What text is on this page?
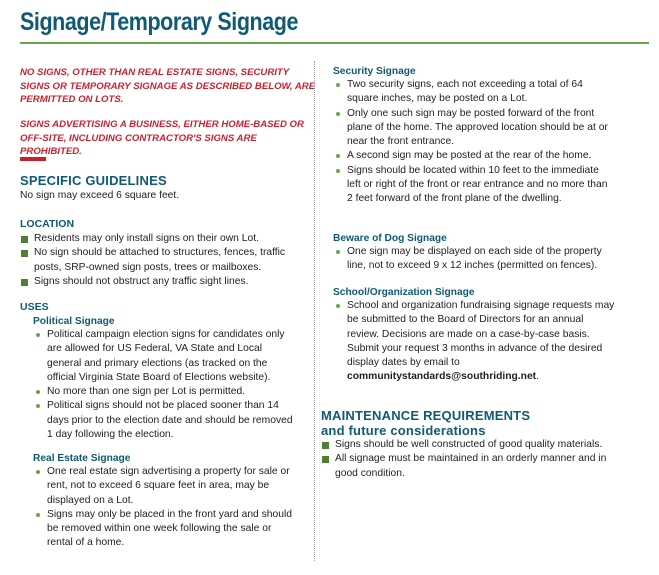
Signage/Temporary Signage
NO SIGNS, OTHER THAN REAL ESTATE SIGNS, SECURITY SIGNS OR TEMPORARY SIGNAGE AS DESCRIBED BELOW, ARE PERMITTED ON LOTS.
SIGNS ADVERTISING A BUSINESS, EITHER HOME-BASED OR OFF-SITE, INCLUDING CONTRACTOR'S SIGNS ARE PROHIBITED.
SPECIFIC GUIDELINES
No sign may exceed 6 square feet.
LOCATION
Residents may only install signs on their own Lot.
No sign should be attached to structures, fences, traffic posts, SRP-owned sign posts, trees or mailboxes.
Signs should not obstruct any traffic sight lines.
USES
Political Signage
Political campaign election signs for candidates only are allowed for US Federal, VA State and Local general and primary elections (as tracked on the official Virginia State Board of Elections website).
No more than one sign per Lot is permitted.
Political signs should not be placed sooner than 14 days prior to the election date and should be removed 1 day following the election.
Real Estate Signage
One real estate sign advertising a property for sale or rent, not to exceed 6 square feet in area, may be displayed on a Lot.
Signs may only be placed in the front yard and should be removed within one week following the sale or rental of a home.
Security Signage
Two security signs, each not exceeding a total of 64 square inches, may be posted on a Lot.
Only one such sign may be posted forward of the front plane of the home. The approved location should be at or near the front entrance.
A second sign may be posted at the rear of the home.
Signs should be located within 10 feet to the immediate left or right of the front or rear entrance and no more than 2 feet forward of the front plane of the dwelling.
Beware of Dog Signage
One sign may be displayed on each side of the property line, not to exceed 9 x 12 inches (permitted on fences).
School/Organization Signage
School and organization fundraising signage requests may be submitted to the Board of Directors for an annual review. Decisions are made on a case-by-case basis. Submit your request 3 months in advance of the desired display dates by email to communitystandards@southriding.net.
MAINTENANCE REQUIREMENTS
and future considerations
Signs should be well constructed of good quality materials.
All signage must be maintained in an orderly manner and in good condition.
